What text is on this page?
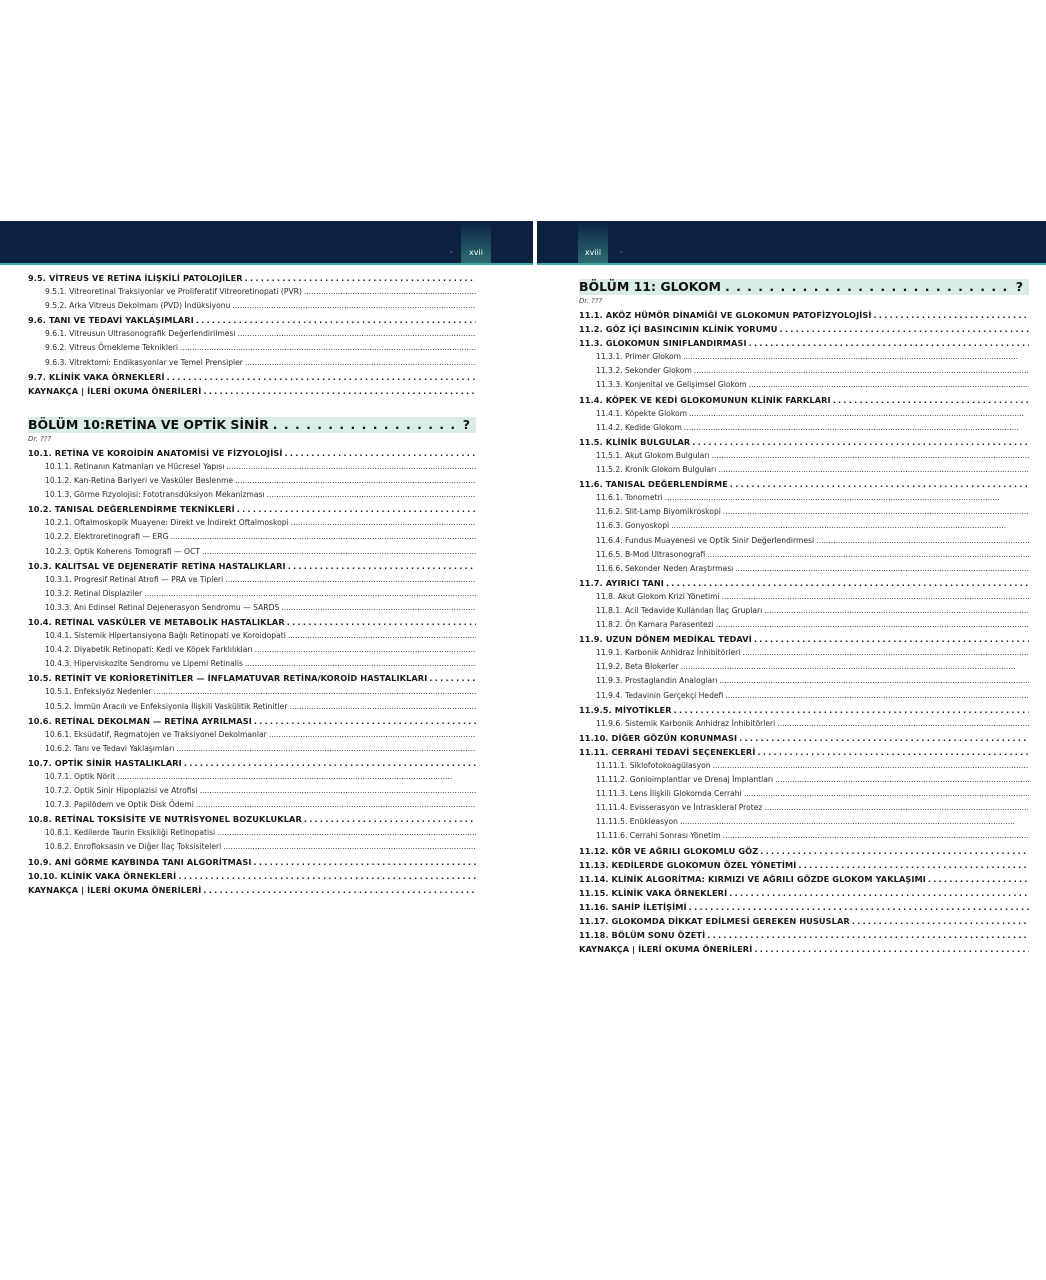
xvii	xviii
·	·
9.5. VİTREUS VE RETİNA İLİŞKİLİ PATOLOJİLER
. . .
9.5.1. Vitreoretinal Traksiyonlar ve Proliferatif Vitreoretinopati (PVR)
. . .
9.5.2. Arka Vitreus Dekolmanı (PVD) İndüksiyonu
. . .
9.6. TANI VE TEDAVİ YAKLAŞIMLARI
. . .
9.6.1. Vitreusun Ultrasonografik Değerlendirilmesi
. . .
9.6.2. Vitreus Örnekleme Teknikleri
. . .
9.6.3. Vitrektomi: Endikasyonlar ve Temel Prensipler
. . .
9.7. KLİNİK VAKA ÖRNEKLERİ
. . .
KAYNAKÇA | İLERİ OKUMA ÖNERİLERİ
. . .
BÖLÜM 10:RETİNA VE OPTİK SİNİR . . .	?
Dr. ???
10.1. RETİNA VE KOROİDİN ANATOMİSİ VE FİZYOLOJİSİ
. . .
10.1.1. Retinanın Katmanları ve Hücresel Yapısı
. . .
10.1.2. Kan-Retina Bariyeri ve Vasküler Beslenme
. . .
10.1.3. Görme Fizyolojisi: Fototransdüksiyon Mekanizması
. . .
10.2. TANISAL DEĞERLENDİRME TEKNİKLERİ
. . .
10.2.1. Oftalmoskopik Muayene: Direkt ve İndirekt Oftalmoskopi
. . .
10.2.2. Elektroretinografi — ERG
. . .
10.2.3. Optik Koherens Tomografi — OCT
. . .
10.3. KALITSAL VE DEJENERATİF RETİNA HASTALIKLARI
. . .
10.3.1. Progresif Retinal Atrofi — PRA ve Tipleri
. . .
10.3.2. Retinal Displaziler
. . .
10.3.3. Ani Edinsel Retinal Dejenerasyon Sendromu — SARDS
. . .
10.4. RETİNAL VASKÜLER VE METABOLİK HASTALIKLAR
. . .
10.4.1. Sistemik Hipertansiyona Bağlı Retinopati ve Koroidopati
. . .
10.4.2. Diyabetik Retinopati: Kedi ve Köpek Farklılıkları
. . .
10.4.3. Hiperviskozite Sendromu ve Lipemi Retinalis
. . .
10.5. RETİNİT VE KORİORETİNİTLER — İNFLAMATUVAR RETİNA/KOROİD HASTALIKLARI
. . .
10.5.1. Enfeksiyöz Nedenler
. . .
10.5.2. İmmün Aracılı ve Enfeksiyonla İlişkili Vaskülitik Retinitler
. . .
10.6. RETİNAL DEKOLMAN — RETİNA AYRILMASI
. . .
10.6.1. Eksüdatif, Regmatojen ve Traksiyonel Dekolmanlar
. . .
10.6.2. Tanı ve Tedavi Yaklaşımları
. . .
10.7. OPTİK SİNİR HASTALIKLARI
. . .
10.7.1. Optik Nörit
. . .
10.7.2. Optik Sinir Hipoplazisi ve Atrofisi
. . .
10.7.3. Papilödem ve Optik Disk Ödemi
. . .
10.8. RETİNAL TOKSİSİTE VE NUTRİSYONEL BOZUKLUKLAR
. . .
10.8.1. Kedilerde Taurin Eksikliği Retinopatisi
. . .
10.8.2. Enrofloksasin ve Diğer İlaç Toksisiteleri
. . .
10.9. ANİ GÖRME KAYBINDA TANI ALGORİTMASI
. . .
10.10. KLİNİK VAKA ÖRNEKLERİ
. . .
KAYNAKÇA | İLERİ OKUMA ÖNERİLERİ
. . .
BÖLÜM 11: GLOKOM . . .	?
Dr. ???
11.1. AKÖZ HÜMÖR DİNAMİĞİ VE GLOKOMUN PATOFİZYOLOJİSİ
. . .
11.2. GÖZ İÇİ BASINCININ KLİNİK YORUMU
. . .
11.3. GLOKOMUN SINIFLANDIRMASI
. . .
11.3.1. Primer Glokom
. . .
11.3.2. Sekonder Glokom
. . .
11.3.3. Konjenital ve Gelişimsel Glokom
. . .
11.4. KÖPEK VE KEDİ GLOKOMUNUN KLİNİK FARKLARI
. . .
11.4.1. Köpekte Glokom
. . .
11.4.2. Kedide Glokom
. . .
11.5. KLİNİK BULGULAR
. . .
11.5.1. Akut Glokom Bulguları
. . .
11.5.2. Kronik Glokom Bulguları
. . .
11.6. TANISAL DEĞERLENDİRME
. . .
11.6.1. Tonometri
. . .
11.6.2. Slit-Lamp Biyomikroskopi
. . .
11.6.3. Gonyoskopi
. . .
11.6.4. Fundus Muayenesi ve Optik Sinir Değerlendirmesi
. . .
11.6.5. B-Mod Ultrasonografi
. . .
11.6.6. Sekonder Neden Araştırması
. . .
11.7. AYIRICI TANI
. . .
11.8. Akut Glokom Krizi Yönetimi
. . .
11.8.1. Acil Tedavide Kullanılan İlaç Grupları
. . .
11.8.2. Ön Kamara Parasentezi
. . .
11.9. UZUN DÖNEM MEDİKAL TEDAVİ
. . .
11.9.1. Karbonik Anhidraz İnhibitörleri
. . .
11.9.2. Beta Blokerler
. . .
11.9.3. Prostaglandin Analogları
. . .
11.9.4. Tedavinin Gerçekçi Hedefi
. . .
11.9.5. MİYOTİKLER
. . .
11.9.6. Sistemik Karbonik Anhidraz İnhibitörleri
. . .
11.10. DİĞER GÖZÜN KORUNMASI
. . .
11.11. CERRAHİ TEDAVİ SEÇENEKLERİ
. . .
11.11.1. Siklofotokoagülasyon
. . .
11.11.2. Gonioimplantlar ve Drenaj İmplantları
. . .
11.11.3. Lens İlişkili Glokomda Cerrahi
. . .
11.11.4. Evisserasyon ve İntraskleral Protez
. . .
11.11.5. Enükleasyon
. . .
11.11.6. Cerrahi Sonrası Yönetim
. . .
11.12. KÖR VE AĞRILI GLOKOMLU GÖZ
. . .
11.13. KEDİLERDE GLOKOMUN ÖZEL YÖNETİMİ
. . .
11.14. KLİNİK ALGORİTMA: KIRMIZI VE AĞRILI GÖZDE GLOKOM YAKLAŞIMI
. . .
11.15. KLİNİK VAKA ÖRNEKLERİ
. . .
11.16. SAHİP İLETİŞİMİ
. . .
11.17. GLOKOMDA DİKKAT EDİLMESİ GEREKEN HUSUSLAR
. . .
11.18. BÖLÜM SONU ÖZETİ
. . .
KAYNAKÇA | İLERİ OKUMA ÖNERİLERİ
. . .
